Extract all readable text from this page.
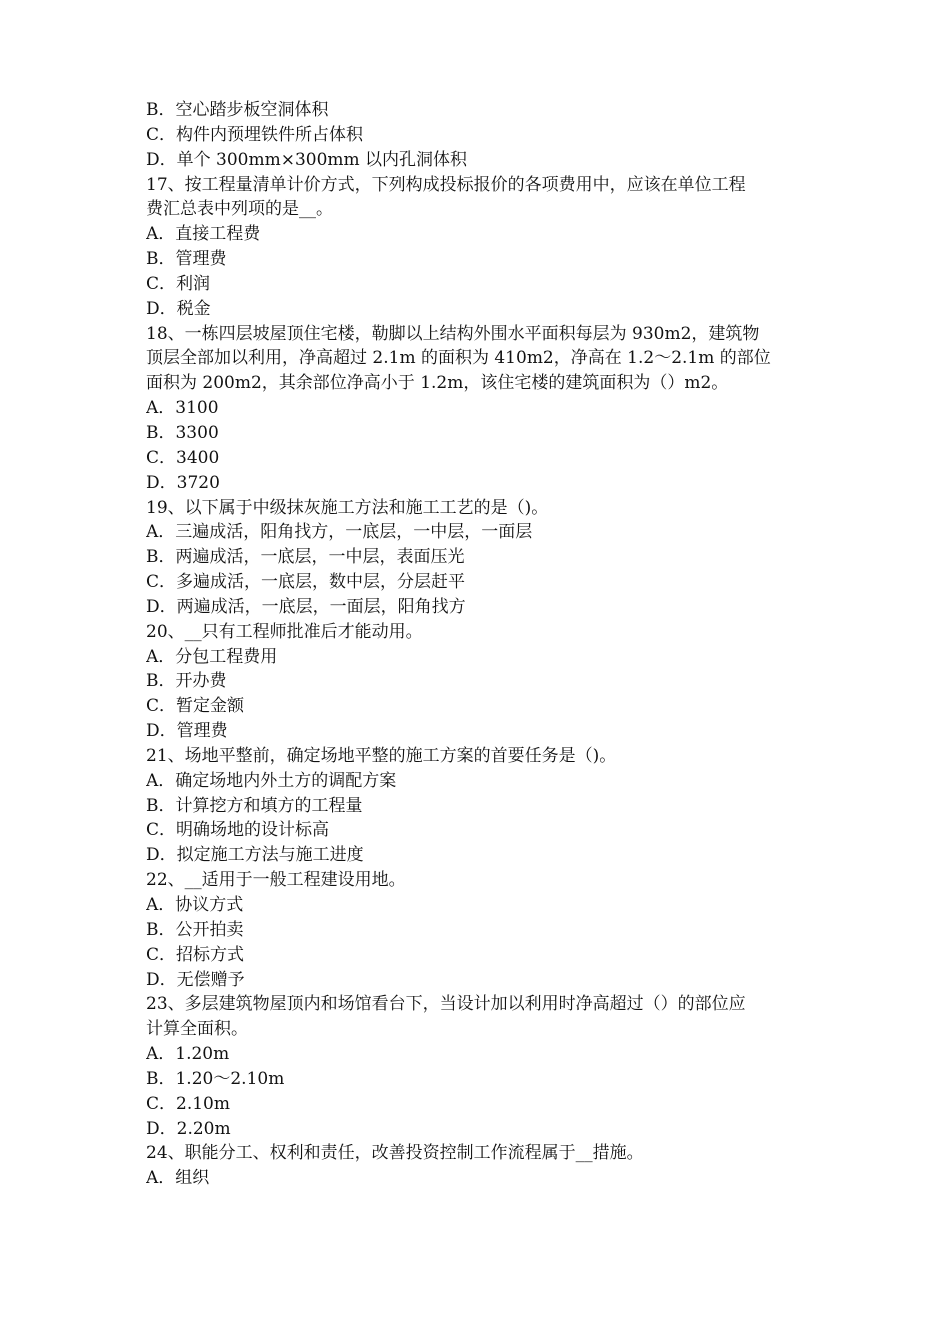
B．空心踏步板空洞体积
C．构件内预埋铁件所占体积
D．单个 300mm×300mm 以内孔洞体积
17、按工程量清单计价方式，下列构成投标报价的各项费用中，应该在单位工程
费汇总表中列项的是__。
A．直接工程费
B．管理费
C．利润
D．税金
18、一栋四层坡屋顶住宅楼，勒脚以上结构外围水平面积每层为 930m2，建筑物
顶层全部加以利用，净高超过 2.1m 的面积为 410m2，净高在 1.2～2.1m 的部位
面积为 200m2，其余部位净高小于 1.2m，该住宅楼的建筑面积为（）m2。
A．3100
B．3300
C．3400
D．3720
19、以下属于中级抹灰施工方法和施工工艺的是（)。
A．三遍成活，阳角找方，一底层，一中层，一面层
B．两遍成活，一底层，一中层，表面压光
C．多遍成活，一底层，数中层，分层赶平
D．两遍成活，一底层，一面层，阳角找方
20、__只有工程师批准后才能动用。
A．分包工程费用
B．开办费
C．暂定金额
D．管理费
21、场地平整前，确定场地平整的施工方案的首要任务是（)。
A．确定场地内外土方的调配方案
B．计算挖方和填方的工程量
C．明确场地的设计标高
D．拟定施工方法与施工进度
22、__适用于一般工程建设用地。
A．协议方式
B．公开拍卖
C．招标方式
D．无偿赠予
23、多层建筑物屋顶内和场馆看台下，当设计加以利用时净高超过（）的部位应
计算全面积。
A．1.20m
B．1.20～2.10m
C．2.10m
D．2.20m
24、职能分工、权利和责任，改善投资控制工作流程属于__措施。
A．组织
